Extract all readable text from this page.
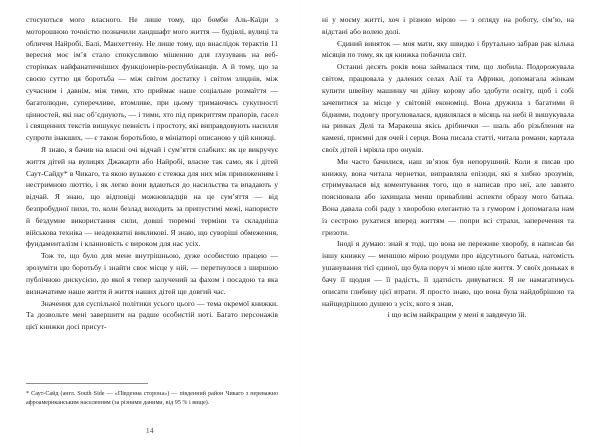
стосуються мого власного. Не лише тому, що бомби Аль-Каїди з моторошною точністю позначили ландшафт мого життя — будівлі, вулиці та обличчя Найробі, Балі, Манхеттену. Не лише тому, що внаслідок терактів 11 вересня моє ім’я стало спокусливою мішенню для глузувань на веб-сторінках найфанатичніших функціонерів-республіканців. А й тому, що за своєю суттю ця боротьба — між світом достатку і світом злиднів, між сучасним і давнім, між тими, хто приймає наше соціальне розмаїття — багатолюдне, суперечливе, втомливе, при цьому тримаючись сукупності цінностей, які нас об’єднують, — і тими, хто під прикриттям прапорів, гасел і священних текстів вишукує певність і простоту, які виправдовують насилля супроти інакших, — є також боротьбою, в мініатюрі описаною у цій книжці.

Я знаю, я бачив на власні очі відчай і сум’яття слабких: як це викручує життя дітей на вулицях Джакарти або Найробі, власне так само, як і дітей Саут-Сайду* в Чикаго, та якою вузькою є стежка для них між приниженням і нестримною люттю, і як легко вони вдаються до насильства та впадають у відчай. Я знаю, що відповіді можновладців на це сум’яття — від безпробудної пихи, то, коли безлад виходить за припустимі межі, напористе й бездумне використання сили, довші тюремні терміни та складніша військова техніка — неадекватні викликові. Я знаю, що суворіші обмеження, фундаменталізм і кланновість є вироком для нас усіх.

Тож те, що було для мене внутрішньою, дуже особистою працею — зрозуміти цю боротьбу і знайти своє місце у ній, — перетнулося з ширшою публічною дискусією, до якої я тепер залучений за фахом і посадою та яка визначатиме наше життя й життя наших дітей ще довгий час.

Значення для суспільної політики усього цього — тема окремої книжки. Та дозвольте мені завершити на радше особистій ноті. Багато персонажів цієї книжки досі присут-

* Саут-Сайд (англ. South Side — «Південна сторона») — південний район Чикаго з переважно афроамериканським населенням (за різними даними, від 95 % і вище).

14

ні у моєму житті, хоч і різною мірою — з огляду на роботу, сім’ю, на відстані або волею долі.

Єдиний виняток — моя мати, яку швидко і брутально забрав рак кілька місяців по тому, як ця книжка побачила світ.

Останні десять років вона займалася тим, що любила. Подорожувала світом, працювала у далеких селах Азії та Африки, допомагала жінкам купити швейну машинку чи дійну корову або здобути освіту, щоб і собі зачепитися за місце у світовій економіці. Вона дружила з багатими й бідними, подовгу прогулювалася, вдивлялася в місяць на небі й вишукувала на ринках Делі та Маракеша якісь дрібнички — шаль або різьблення на камені, приємні для очей і серця. Вона писала статті, читала романи, картала своїх дітей і мріяла про онуків.

Ми часто бачилися, наш зв’язок був непорушний. Коли я писав цю книжку, вона читала чернетки, виправляла епізоди, які я хибно зрозумів, стримувалася від коментування того, що я написав про неї, але завзято пояснювала або захищала менш привабливі аспекти образу мого батька. Вона давала собі раду з хворобою елегантно та з гумором і допомагала нам із сестрою рухатися вперед життям — попри всі страхи, заперечення та гризоти.

Іноді я думаю: знай я тоді, що вона не переживе хворобу, я написав би іншу книжку — меншою мірою роздуми про відсутнього батька, натомість ушанування тієї єдиної, що була поруч зі мною ціле життя. У своїх доньках я бачу її щодня — її радість, її здатність дивуватися. Я не намагатимусь описати глибину цієї втрати. Я просто знаю, що вона була найдобрішою та найщедрішою душею з усіх, кого я знав,

і що всім найкращим у мені я завдячую їй.
